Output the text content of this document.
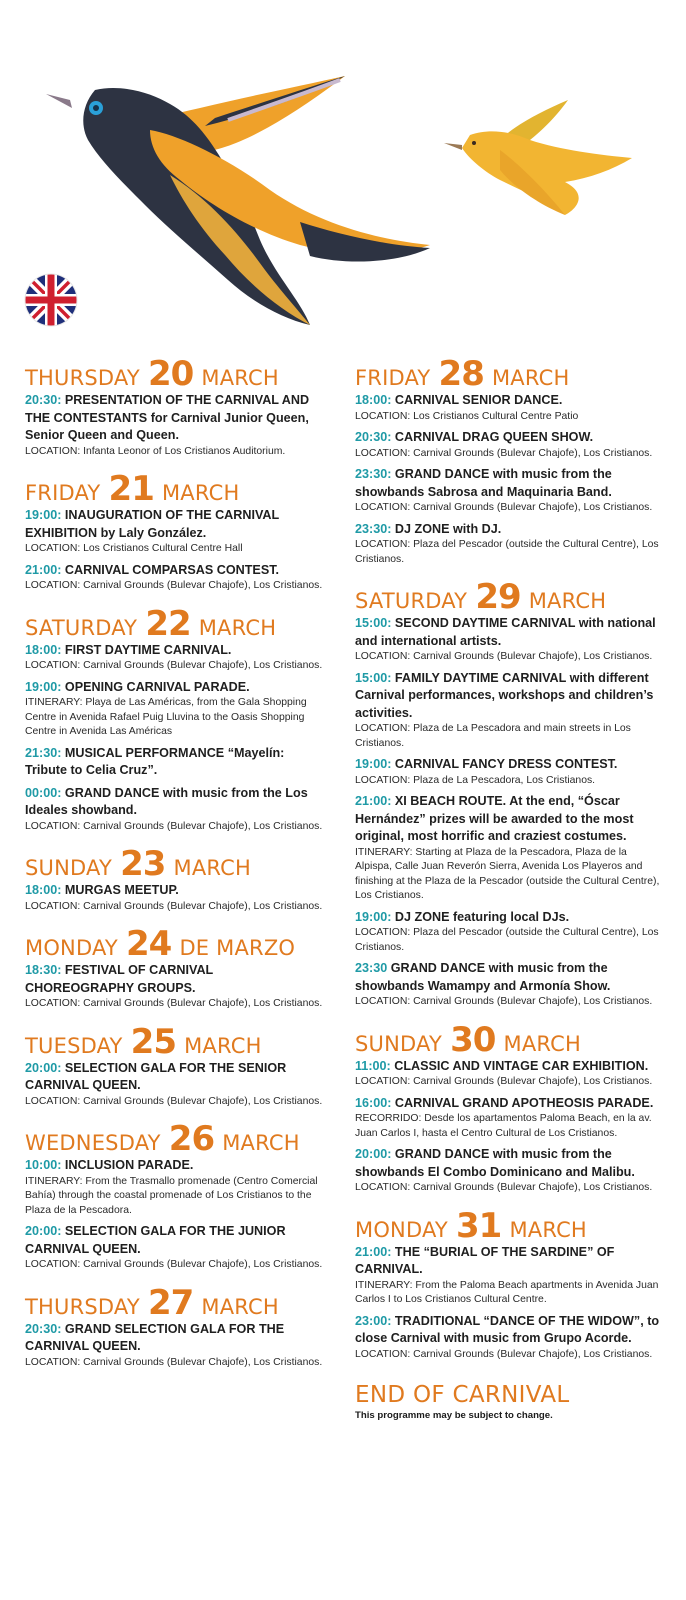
THURSDAY 20 MARCH
20:30: PRESENTATION OF THE CARNIVAL AND THE CONTESTANTS for Carnival Junior Queen, Senior Queen and Queen.
LOCATION: Infanta Leonor of Los Cristianos Auditorium.
FRIDAY 21 MARCH
19:00: INAUGURATION OF THE CARNIVAL EXHIBITION by Laly González.
LOCATION: Los Cristianos Cultural Centre Hall
21:00: CARNIVAL COMPARSAS CONTEST.
LOCATION: Carnival Grounds (Bulevar Chajofe), Los Cristianos.
SATURDAY 22 MARCH
18:00: FIRST DAYTIME CARNIVAL.
LOCATION: Carnival Grounds (Bulevar Chajofe), Los Cristianos.
19:00: OPENING CARNIVAL PARADE.
ITINERARY: Playa de Las Américas, from the Gala Shopping Centre in Avenida Rafael Puig Lluvina to the Oasis Shopping Centre in Avenida Las Américas
21:30: MUSICAL PERFORMANCE “Mayelín: Tribute to Celia Cruz”.
00:00: GRAND DANCE with music from the Los Ideales showband.
LOCATION: Carnival Grounds (Bulevar Chajofe), Los Cristianos.
SUNDAY 23 MARCH
18:00: MURGAS MEETUP.
LOCATION: Carnival Grounds (Bulevar Chajofe), Los Cristianos.
MONDAY 24 DE MARZO
18:30: FESTIVAL OF CARNIVAL CHOREOGRAPHY GROUPS.
LOCATION: Carnival Grounds (Bulevar Chajofe), Los Cristianos.
TUESDAY 25 MARCH
20:00: SELECTION GALA FOR THE SENIOR CARNIVAL QUEEN.
LOCATION: Carnival Grounds (Bulevar Chajofe), Los Cristianos.
WEDNESDAY 26 MARCH
10:00: INCLUSION PARADE.
ITINERARY: From the Trasmallo promenade (Centro Comercial Bahía) through the coastal promenade of Los Cristianos to the Plaza de la Pescadora.
20:00: SELECTION GALA FOR THE JUNIOR CARNIVAL QUEEN.
LOCATION: Carnival Grounds (Bulevar Chajofe), Los Cristianos.
THURSDAY 27 MARCH
20:30: GRAND SELECTION GALA FOR THE CARNIVAL QUEEN.
LOCATION: Carnival Grounds (Bulevar Chajofe), Los Cristianos.
FRIDAY 28 MARCH
18:00: CARNIVAL SENIOR DANCE.
LOCATION: Los Cristianos Cultural Centre Patio
20:30: CARNIVAL DRAG QUEEN SHOW.
LOCATION: Carnival Grounds (Bulevar Chajofe), Los Cristianos.
23:30: GRAND DANCE with music from the showbands Sabrosa and Maquinaria Band.
LOCATION: Carnival Grounds (Bulevar Chajofe), Los Cristianos.
23:30: DJ ZONE with DJ.
LOCATION: Plaza del Pescador (outside the Cultural Centre), Los Cristianos.
SATURDAY 29 MARCH
15:00: SECOND DAYTIME CARNIVAL with national and international artists.
LOCATION: Carnival Grounds (Bulevar Chajofe), Los Cristianos.
15:00: FAMILY DAYTIME CARNIVAL with different Carnival performances, workshops and children’s activities.
LOCATION: Plaza de La Pescadora and main streets in Los Cristianos.
19:00: CARNIVAL FANCY DRESS CONTEST.
LOCATION: Plaza de La Pescadora, Los Cristianos.
21:00: XI BEACH ROUTE. At the end, “Óscar Hernández” prizes will be awarded to the most original, most horrific and craziest costumes.
ITINERARY: Starting at Plaza de la Pescadora, Plaza de la Alpispa, Calle Juan Reverón Sierra, Avenida Los Playeros and finishing at the Plaza de la Pescador (outside the Cultural Centre), Los Cristianos.
19:00: DJ ZONE featuring local DJs.
LOCATION: Plaza del Pescador (outside the Cultural Centre), Los Cristianos.
23:30 GRAND DANCE with music from the showbands Wamampy and Armonía Show.
LOCATION: Carnival Grounds (Bulevar Chajofe), Los Cristianos.
SUNDAY 30 MARCH
11:00: CLASSIC AND VINTAGE CAR EXHIBITION.
LOCATION: Carnival Grounds (Bulevar Chajofe), Los Cristianos.
16:00: CARNIVAL GRAND APOTHEOSIS PARADE.
RECORRIDO: Desde los apartamentos Paloma Beach, en la av. Juan Carlos I, hasta el Centro Cultural de Los Cristianos.
20:00: GRAND DANCE with music from the showbands El Combo Dominicano and Malibu.
LOCATION: Carnival Grounds (Bulevar Chajofe), Los Cristianos.
MONDAY 31 MARCH
21:00: THE “BURIAL OF THE SARDINE” OF CARNIVAL.
ITINERARY: From the Paloma Beach apartments in Avenida Juan Carlos I to Los Cristianos Cultural Centre.
23:00: TRADITIONAL “DANCE OF THE WIDOW”, to close Carnival with music from Grupo Acorde.
LOCATION: Carnival Grounds (Bulevar Chajofe), Los Cristianos.
END OF CARNIVAL
This programme may be subject to change.
